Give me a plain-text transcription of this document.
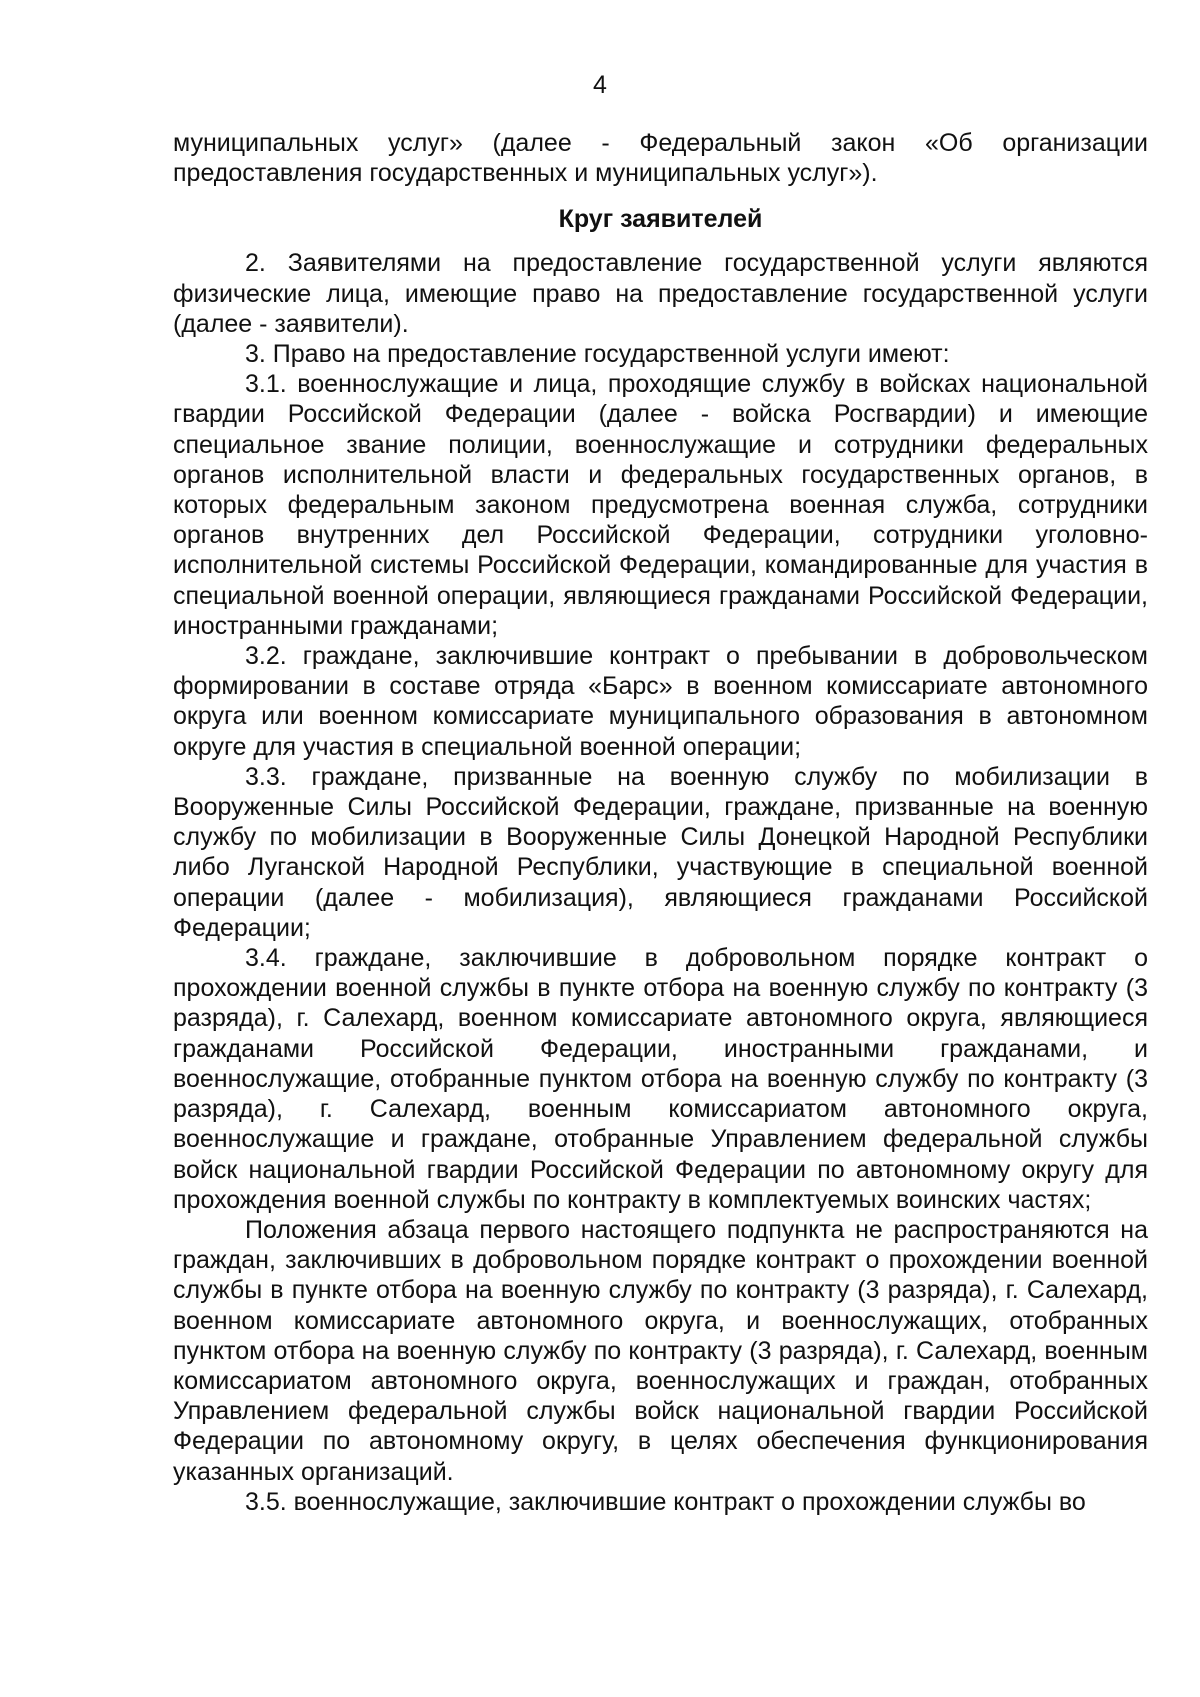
4

муниципальных услуг» (далее - Федеральный закон «Об организации предоставления государственных и муниципальных услуг»).

Круг заявителей

2. Заявителями на предоставление государственной услуги являются физические лица, имеющие право на предоставление государственной услуги (далее - заявители).

3. Право на предоставление государственной услуги имеют:

3.1. военнослужащие и лица, проходящие службу в войсках национальной гвардии Российской Федерации (далее - войска Росгвардии) и имеющие специальное звание полиции, военнослужащие и сотрудники федеральных органов исполнительной власти и федеральных государственных органов, в которых федеральным законом предусмотрена военная служба, сотрудники органов внутренних дел Российской Федерации, сотрудники уголовно-исполнительной системы Российской Федерации, командированные для участия в специальной военной операции, являющиеся гражданами Российской Федерации, иностранными гражданами;

3.2. граждане, заключившие контракт о пребывании в добровольческом формировании в составе отряда «Барс» в военном комиссариате автономного округа или военном комиссариате муниципального образования в автономном округе для участия в специальной военной операции;

3.3. граждане, призванные на военную службу по мобилизации в Вооруженные Силы Российской Федерации, граждане, призванные на военную службу по мобилизации в Вооруженные Силы Донецкой Народной Республики либо Луганской Народной Республики, участвующие в специальной военной операции (далее - мобилизация), являющиеся гражданами Российской Федерации;

3.4. граждане, заключившие в добровольном порядке контракт о прохождении военной службы в пункте отбора на военную службу по контракту (3 разряда), г. Салехард, военном комиссариате автономного округа, являющиеся гражданами Российской Федерации, иностранными гражданами, и военнослужащие, отобранные пунктом отбора на военную службу по контракту (3 разряда), г. Салехард, военным комиссариатом автономного округа, военнослужащие и граждане, отобранные Управлением федеральной службы войск национальной гвардии Российской Федерации по автономному округу для прохождения военной службы по контракту в комплектуемых воинских частях;

Положения абзаца первого настоящего подпункта не распространяются на граждан, заключивших в добровольном порядке контракт о прохождении военной службы в пункте отбора на военную службу по контракту (3 разряда), г. Салехард, военном комиссариате автономного округа, и военнослужащих, отобранных пунктом отбора на военную службу по контракту (3 разряда), г. Салехард, военным комиссариатом автономного округа, военнослужащих и граждан, отобранных Управлением федеральной службы войск национальной гвардии Российской Федерации по автономному округу, в целях обеспечения функционирования указанных организаций.

3.5. военнослужащие, заключившие контракт о прохождении службы во
